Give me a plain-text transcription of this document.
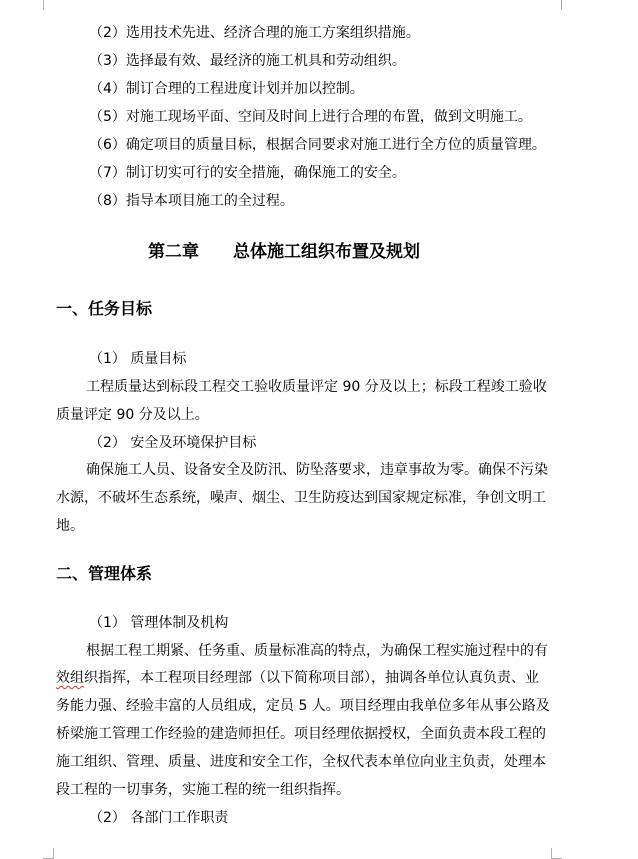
（2）选用技术先进、经济合理的施工方案组织措施。
（3）选择最有效、最经济的施工机具和劳动组织。
（4）制订合理的工程进度计划并加以控制。
（5）对施工现场平面、空间及时间上进行合理的布置，做到文明施工。
（6）确定项目的质量目标，根据合同要求对施工进行全方位的质量管理。
（7）制订切实可行的安全措施，确保施工的安全。
（8）指导本项目施工的全过程。
第二章 总体施工组织布置及规划
一、任务目标
（1） 质量目标
工程质量达到标段工程交工验收质量评定 90 分及以上；标段工程竣工验收
质量评定 90 分及以上。
（2） 安全及环境保护目标
确保施工人员、设备安全及防汛、防坠落要求，违章事故为零。确保不污染
水源，不破坏生态系统，噪声、烟尘、卫生防疫达到国家规定标准，争创文明工
地。
二、管理体系
（1） 管理体制及机构
根据工程工期紧、任务重、质量标准高的特点，为确保工程实施过程中的有
效组织指挥，本工程项目经理部（以下简称项目部），抽调各单位认真负责、业
务能力强、经验丰富的人员组成，定员 5 人。项目经理由我单位多年从事公路及
桥梁施工管理工作经验的建造师担任。项目经理依据授权，全面负责本段工程的
施工组织、管理、质量、进度和安全工作，全权代表本单位向业主负责，处理本
段工程的一切事务，实施工程的统一组织指挥。
（2） 各部门工作职责
